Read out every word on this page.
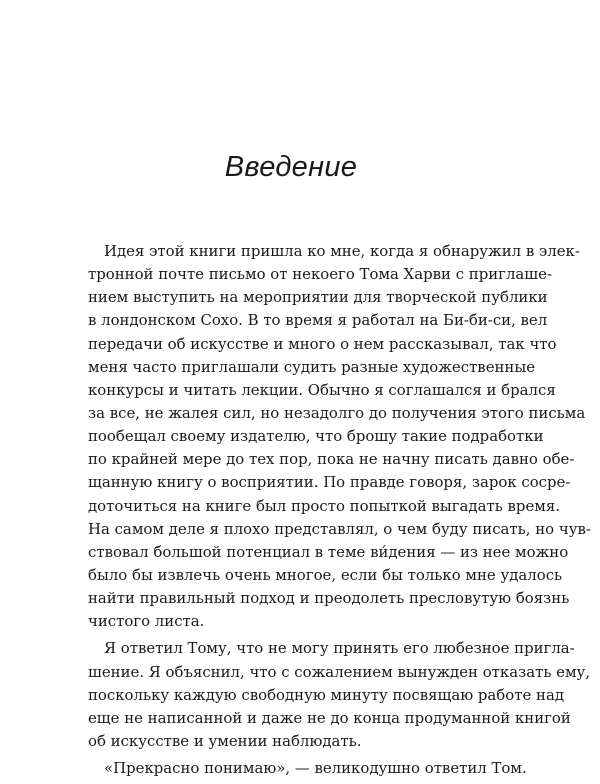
Введение
Идея этой книги пришла ко мне, когда я обнаружил в элек-
тронной почте письмо от некоего Тома Харви с приглаше-
нием выступить на мероприятии для творческой публики
в лондонском Сохо. В то время я работал на Би-би-си, вел
передачи об искусстве и много о нем рассказывал, так что
меня часто приглашали судить разные художественные
конкурсы и читать лекции. Обычно я соглашался и брался
за все, не жалея сил, но незадолго до получения этого письма
пообещал своему издателю, что брошу такие подработки
по крайней мере до тех пор, пока не начну писать давно обе-
щанную книгу о восприятии. По правде говоря, зарок сосре-
доточиться на книге был просто попыткой выгадать время.
На самом деле я плохо представлял, о чем буду писать, но чув-
ствовал большой потенциал в теме ви́дения — из нее можно
было бы извлечь очень многое, если бы только мне удалось
найти правильный подход и преодолеть пресловутую боязнь
чистого листа.
Я ответил Тому, что не могу принять его любезное пригла-
шение. Я объяснил, что с сожалением вынужден отказать ему,
поскольку каждую свободную минуту посвящаю работе над
еще не написанной и даже не до конца продуманной книгой
об искусстве и умении наблюдать.
«Прекрасно понимаю», — великодушно ответил Том.
